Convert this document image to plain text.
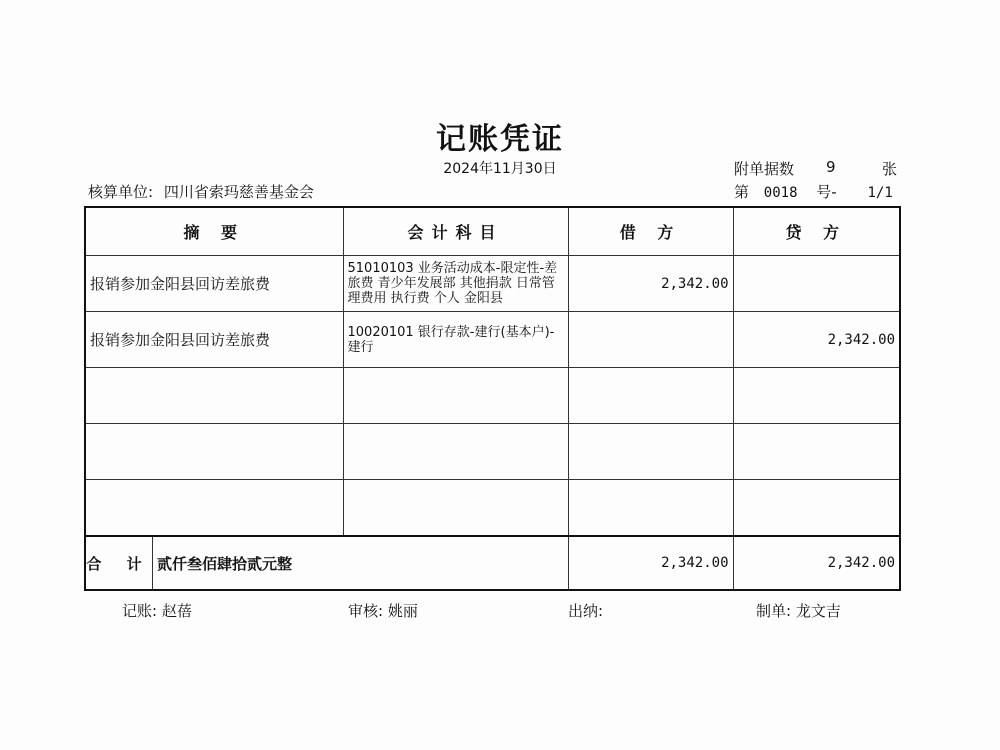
记账凭证
2024年11月30日	附单据数 9	张
核算单位: 四川省索玛慈善基金会	第 0018 号- 1/1
摘 要	会计科目	借 方	贷 方
报销参加金阳县回访差旅费	51010103 业务活动成本-限定性-差旅费 青少年发展部 其他捐款 日常管理费用 执行费 个人 金阳县	2,342.00	
报销参加金阳县回访差旅费	10020101 银行存款-建行(基本户)-建行		2,342.00

合 计 贰仟叁佰肆拾贰元整		2,342.00	2,342.00
记账: 赵蓓	审核: 姚丽	出纳:	制单: 龙文吉
